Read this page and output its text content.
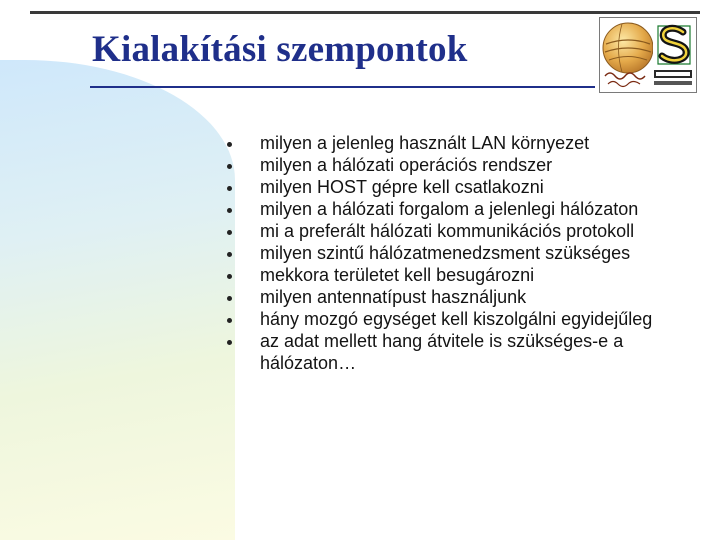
Kialakítási szempontok
milyen a jelenleg használt LAN környezet
milyen a hálózati operációs rendszer
milyen HOST gépre kell csatlakozni
milyen a hálózati forgalom a jelenlegi hálózaton
mi a preferált hálózati kommunikációs protokoll
milyen szintű hálózatmenedzsment szükséges
mekkora területet kell besugározni
milyen antennatípust használjunk
hány mozgó egységet kell kiszolgálni egyidejűleg
az adat mellett hang átvitele is szükséges-e a hálózaton…
